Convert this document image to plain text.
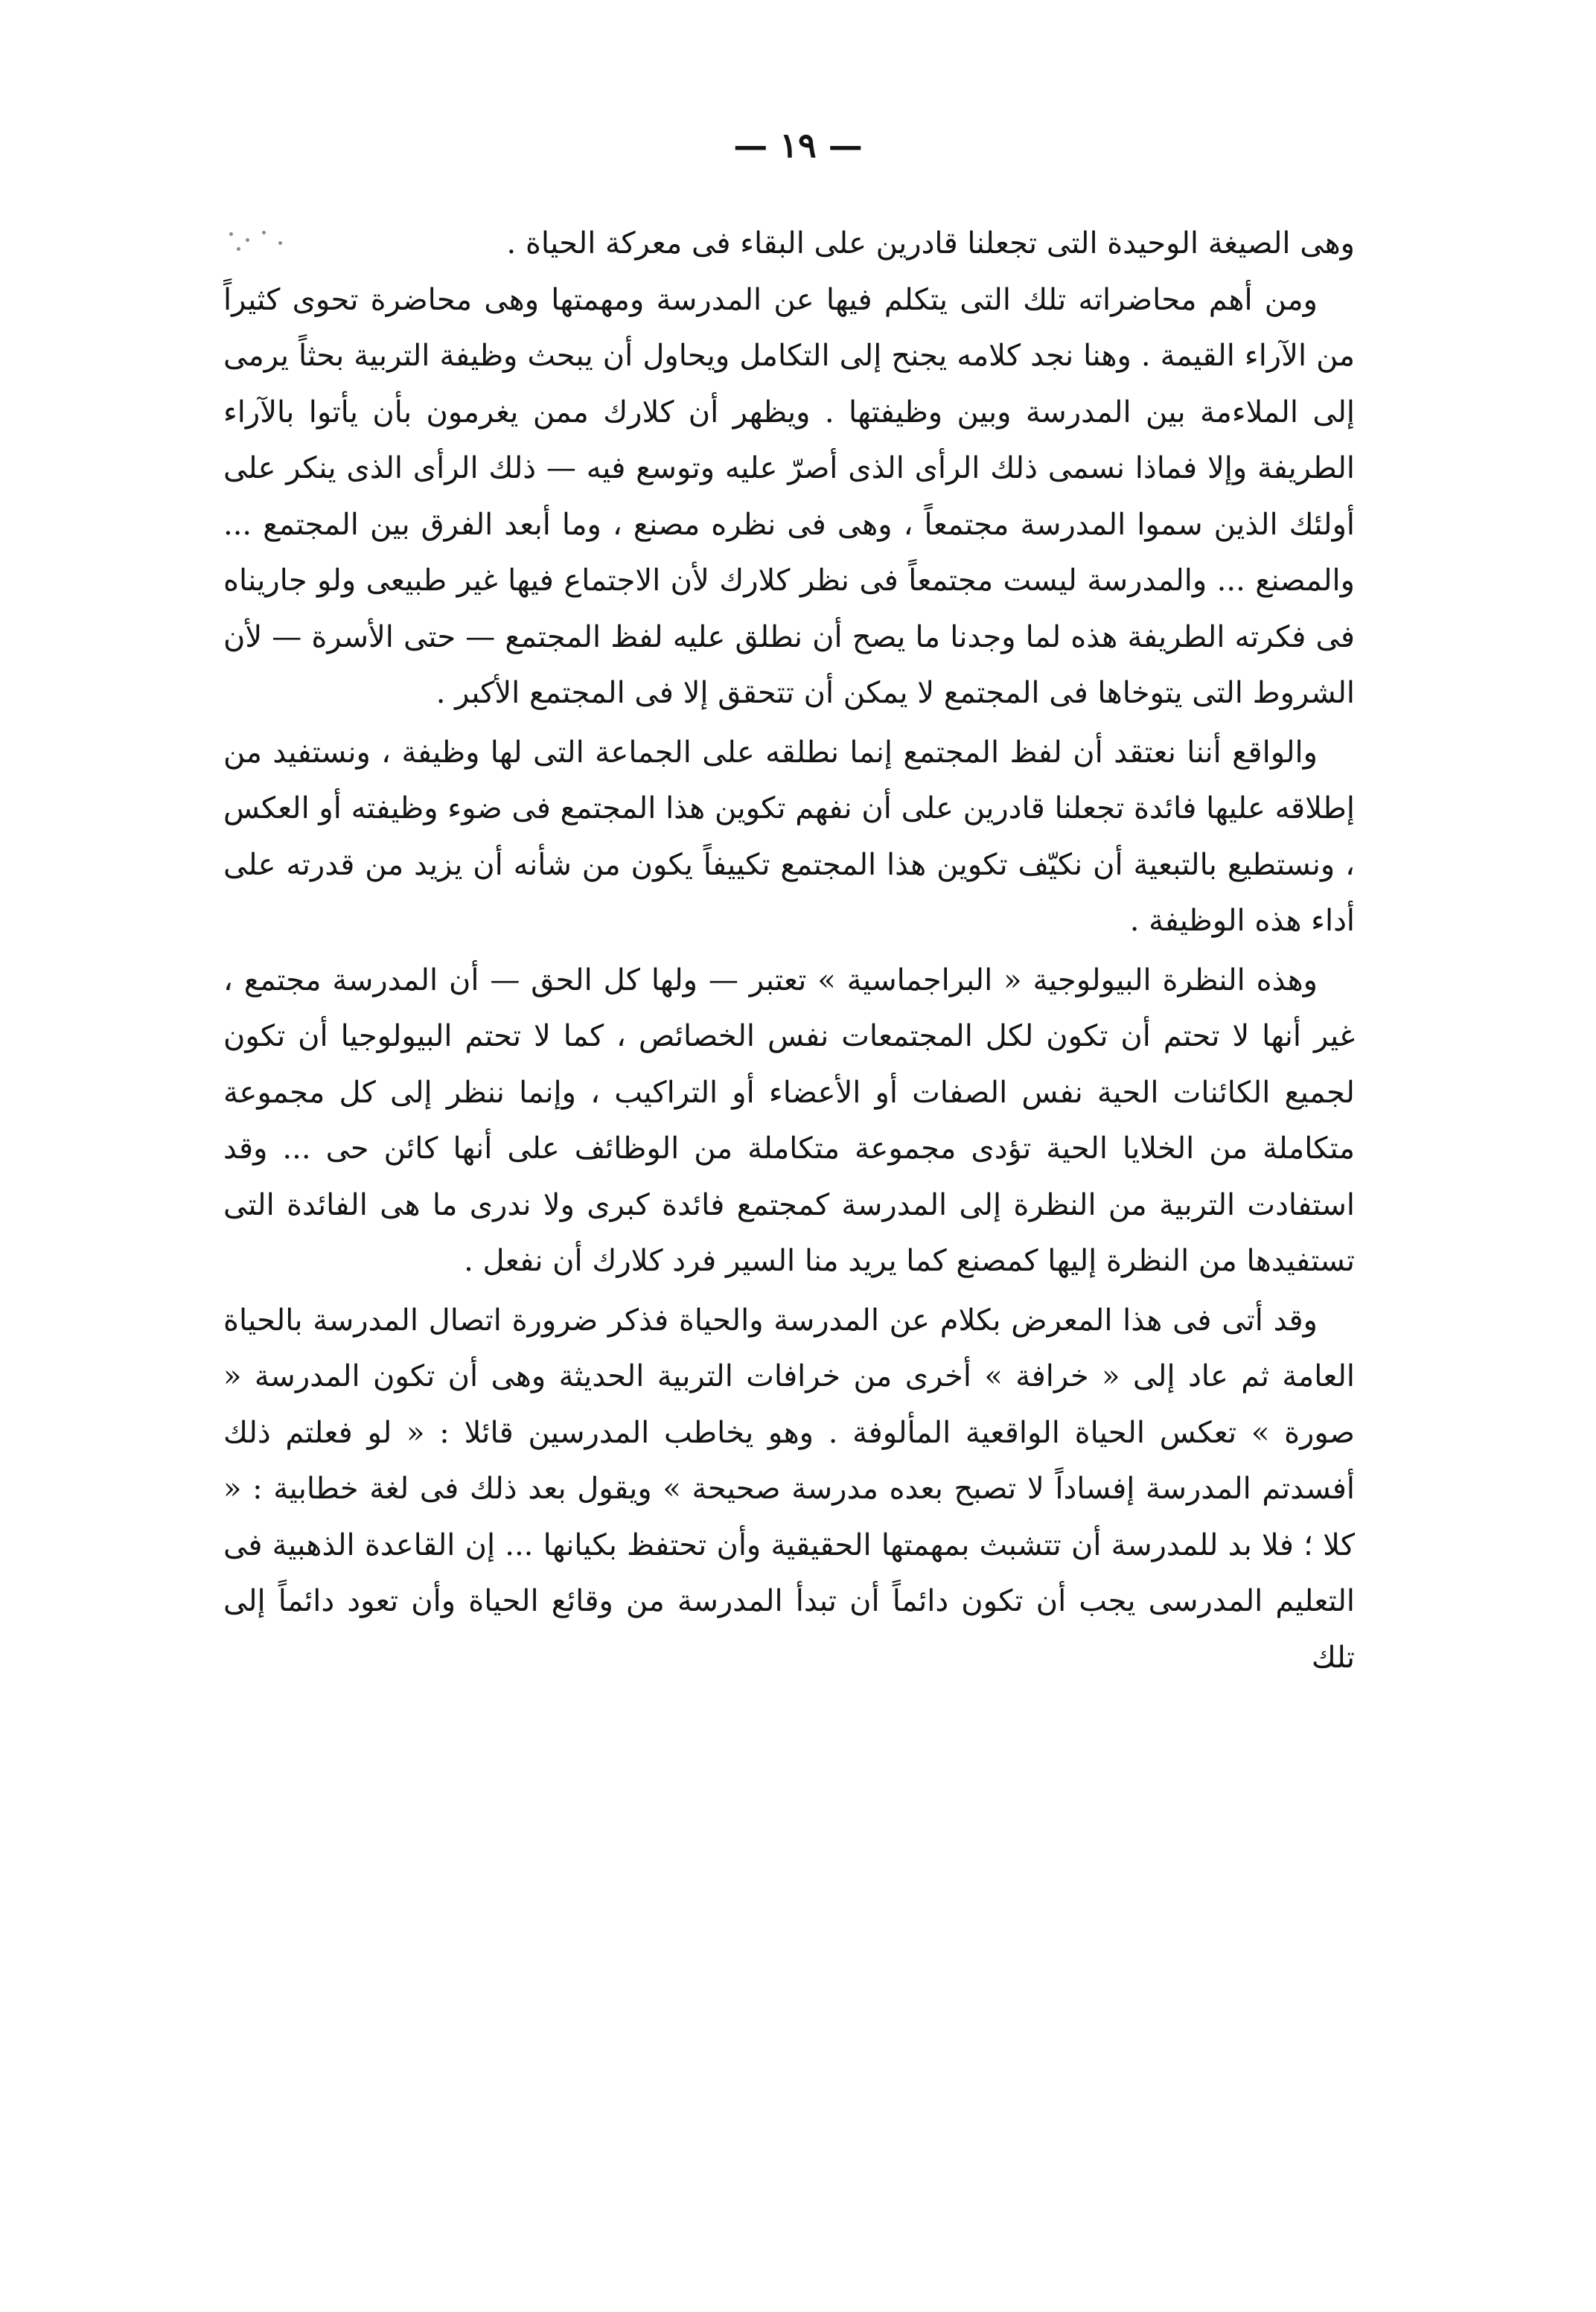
— ١٩ —

وهى الصيغة الوحيدة التى تجعلنا قادرين على البقاء فى معركة الحياة .

ومن أهم محاضراته تلك التى يتكلم فيها عن المدرسة ومهمتها وهى محاضرة تحوى كثيراً من الآراء القيمة . وهنا نجد كلامه يجنح إلى التكامل ويحاول أن يبحث وظيفة التربية بحثاً يرمى إلى الملاءمة بين المدرسة وبين وظيفتها . ويظهر أن كلارك ممن يغرمون بأن يأتوا بالآراء الطريفة وإلا فماذا نسمى ذلك الرأى الذى أصرّ عليه وتوسع فيه — ذلك الرأى الذى ينكر على أولئك الذين سموا المدرسة مجتمعاً ، وهى فى نظره مصنع ، وما أبعد الفرق بين المجتمع ... والمصنع ... والمدرسة ليست مجتمعاً فى نظر كلارك لأن الاجتماع فيها غير طبيعى ولو جاريناه فى فكرته الطريفة هذه لما وجدنا ما يصح أن نطلق عليه لفظ المجتمع — حتى الأسرة — لأن الشروط التى يتوخاها فى المجتمع لا يمكن أن تتحقق إلا فى المجتمع الأكبر .

والواقع أننا نعتقد أن لفظ المجتمع إنما نطلقه على الجماعة التى لها وظيفة ، ونستفيد من إطلاقه عليها فائدة تجعلنا قادرين على أن نفهم تكوين هذا المجتمع فى ضوء وظيفته أو العكس ، ونستطيع بالتبعية أن نكيّف تكوين هذا المجتمع تكييفاً يكون من شأنه أن يزيد من قدرته على أداء هذه الوظيفة .

وهذه النظرة البيولوجية « البراجماسية » تعتبر — ولها كل الحق — أن المدرسة مجتمع ، غير أنها لا تحتم أن تكون لكل المجتمعات نفس الخصائص ، كما لا تحتم البيولوجيا أن تكون لجميع الكائنات الحية نفس الصفات أو الأعضاء أو التراكيب ، وإنما ننظر إلى كل مجموعة متكاملة من الخلايا الحية تؤدى مجموعة متكاملة من الوظائف على أنها كائن حى ... وقد استفادت التربية من النظرة إلى المدرسة كمجتمع فائدة كبرى ولا ندرى ما هى الفائدة التى تستفيدها من النظرة إليها كمصنع كما يريد منا السير فرد كلارك أن نفعل .

وقد أتى فى هذا المعرض بكلام عن المدرسة والحياة فذكر ضرورة اتصال المدرسة بالحياة العامة ثم عاد إلى « خرافة » أخرى من خرافات التربية الحديثة وهى أن تكون المدرسة « صورة » تعكس الحياة الواقعية المألوفة . وهو يخاطب المدرسين قائلا : « لو فعلتم ذلك أفسدتم المدرسة إفساداً لا تصبح بعده مدرسة صحيحة » ويقول بعد ذلك فى لغة خطابية : « كلا ؛ فلا بد للمدرسة أن تتشبث بمهمتها الحقيقية وأن تحتفظ بكيانها ... إن القاعدة الذهبية فى التعليم المدرسى يجب أن تكون دائماً أن تبدأ المدرسة من وقائع الحياة وأن تعود دائماً إلى تلك
